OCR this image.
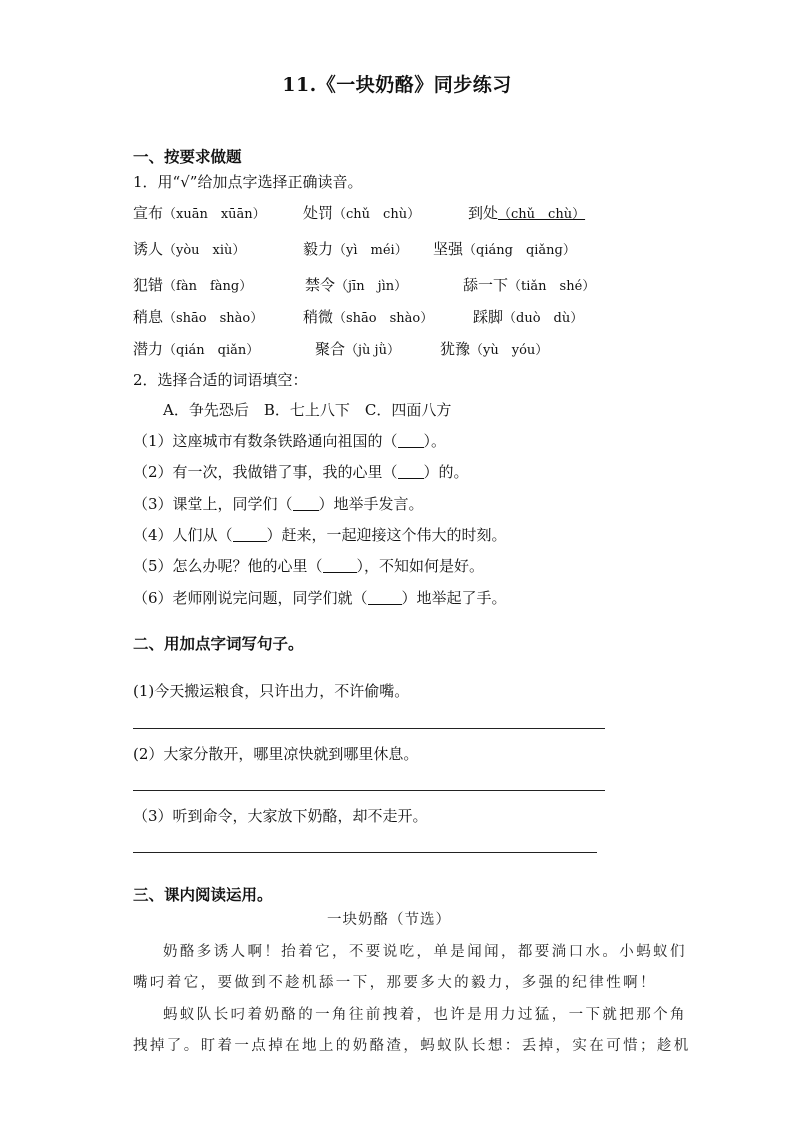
11.《一块奶酪》同步练习
一、按要求做题
1．用“√”给加点字选择正确读音。
宣布（xuān　xūān） 处罚（chǔ　chù）	到处（chǔ　chù）
诱人（yòu　xiù）	毅力（yì　méi） 坚强（qiáng　qiǎnɡ）
犯错（fàn　fàng）	禁令（jīn　jìn）	舔一下（tiǎn　shé）
稍息（shāo　shào）	稍微（shāo　shào）	踩脚（duò　dù）
潜力（qián　qiǎn）	聚合（jù jǜ）	犹豫（yù　yóu）
2．选择合适的词语填空：
A．争先恐后　B．七上八下　C．四面八方
（1）这座城市有数条铁路通向祖国的（ ）。
（2）有一次，我做错了事，我的心里（ ）的。
（3）课堂上，同学们（ ）地举手发言。
（4）人们从（ ）赶来，一起迎接这个伟大的时刻。
（5）怎么办呢？他的心里（ ），不知如何是好。
（6）老师刚说完问题，同学们就（ ）地举起了手。
二、用加点字词写句子。
(1)今天搬运粮食，只许出力，不许偷嘴。
(2）大家分散开，哪里凉快就到哪里休息。
（3）听到命令，大家放下奶酪，却不走开。
三、课内阅读运用。
一块奶酪（节选）
奶酪多诱人啊！抬着它，不要说吃，单是闻闻，都要淌口水。小蚂蚁们
嘴叼着它，要做到不趁机舔一下，那要多大的毅力，多强的纪律性啊！
蚂蚁队长叼着奶酪的一角往前拽着，也许是用力过猛，一下就把那个角
拽掉了。盯着一点掉在地上的奶酪渣，蚂蚁队长想：丢掉，实在可惜；趁机
